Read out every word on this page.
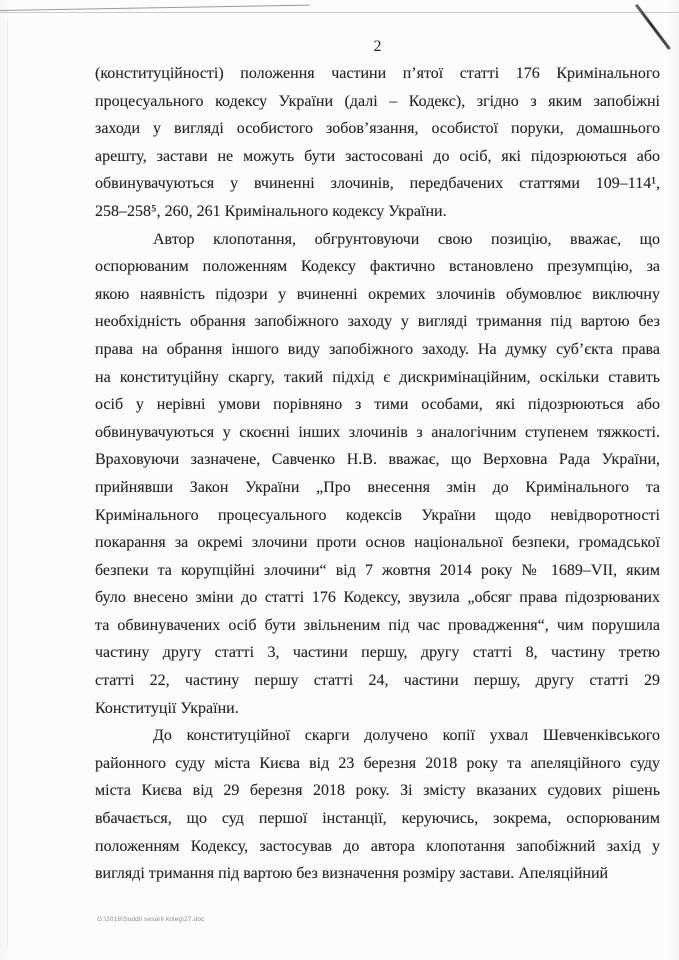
2
(конституційності) положення частини п’ятої статті 176 Кримінального
процесуального кодексу України (далі – Кодекс), згідно з яким запобіжні
заходи у вигляді особистого зобов’язання, особистої поруки, домашнього
арешту, застави не можуть бути застосовані до осіб, які підозрюються або
обвинувачуються у вчиненні злочинів, передбачених статтями 109–114¹,
258–258⁵, 260, 261 Кримінального кодексу України.
Автор клопотання, обгрунтовуючи свою позицію, вважає, що
оспорюваним положенням Кодексу фактично встановлено презумпцію, за
якою наявність підозри у вчиненні окремих злочинів обумовлює виключну
необхідність обрання запобіжного заходу у вигляді тримання під вартою без
права на обрання іншого виду запобіжного заходу. На думку суб’єкта права
на конституційну скаргу, такий підхід є дискримінаційним, оскільки ставить
осіб у нерівні умови порівняно з тими особами, які підозрюються або
обвинувачуються у скоєнні інших злочинів з аналогічним ступенем тяжкості.
Враховуючи зазначене, Савченко Н.В. вважає, що Верховна Рада України,
прийнявши Закон України „Про внесення змін до Кримінального та
Кримінального процесуального кодексів України щодо невідворотності
покарання за окремі злочини проти основ національної безпеки, громадської
безпеки та корупційні злочини“ від 7 жовтня 2014 року № 1689–VII, яким
було внесено зміни до статті 176 Кодексу, звузила „обсяг права підозрюваних
та обвинувачених осіб бути звільненим під час провадження“, чим порушила
частину другу статті 3, частини першу, другу статті 8, частину третю
статті 22, частину першу статті 24, частини першу, другу статті 29
Конституції України.
До конституційної скарги долучено копії ухвал Шевченківського
районного суду міста Києва від 23 березня 2018 року та апеляційного суду
міста Києва від 29 березня 2018 року. Зі змісту вказаних судових рішень
вбачається, що суд першої інстанції, керуючись, зокрема, оспорюваним
положенням Кодексу, застосував до автора клопотання запобіжний захід у
вигляді тримання під вартою без визначення розміру застави. Апеляційний
G:\2018\Suddil sesaril koleg\27.doc
